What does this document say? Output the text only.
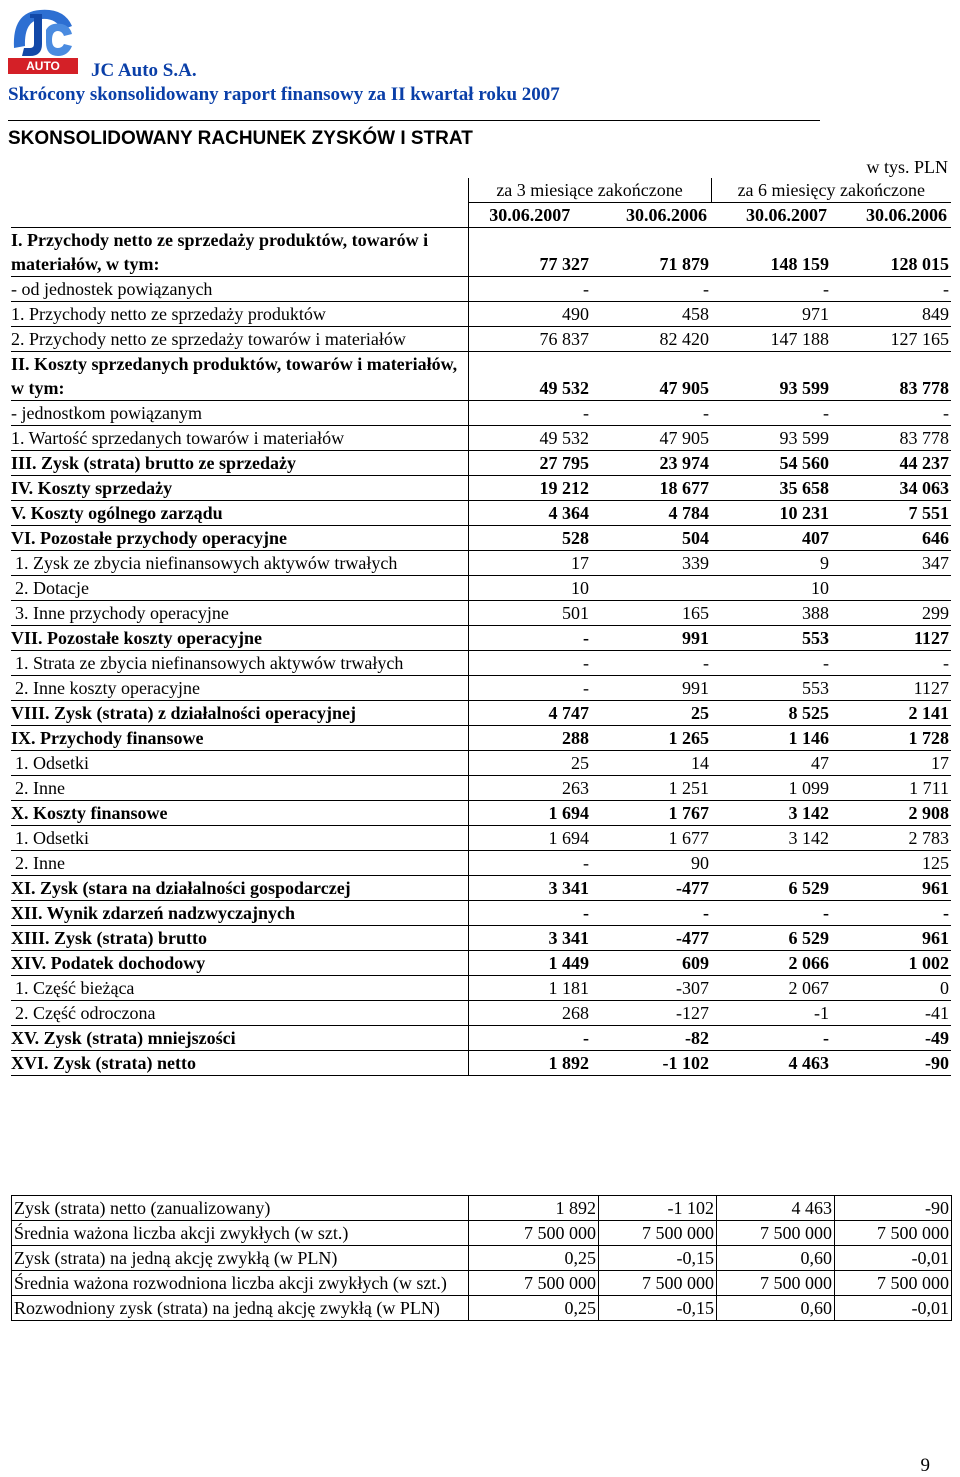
AUTO JC Auto S.A.
Skrócony skonsolidowany raport finansowy za II kwartał roku 2007
SKONSOLIDOWANY RACHUNEK ZYSKÓW I STRAT
w tys. PLN
	za 3 miesiące zakończone		za 6 miesięcy zakończone	
	30.06.2007	30.06.2006	30.06.2007	30.06.2006
I. Przychody netto ze sprzedaży produktów, towarów i materiałów, w tym:	77 327	71 879	148 159	128 015
- od jednostek powiązanych	-	-	-	-
1. Przychody netto ze sprzedaży produktów	490	458	971	849
2. Przychody netto ze sprzedaży towarów i materiałów	76 837	82 420	147 188	127 165
II. Koszty sprzedanych produktów, towarów i materiałów, w tym:	49 532	47 905	93 599	83 778
- jednostkom powiązanym	-	-	-	-
1. Wartość sprzedanych towarów i materiałów	49 532	47 905	93 599	83 778
III. Zysk (strata) brutto ze sprzedaży	27 795	23 974	54 560	44 237
IV. Koszty sprzedaży	19 212	18 677	35 658	34 063
V. Koszty ogólnego zarządu	4 364	4 784	10 231	7 551
VI. Pozostałe przychody operacyjne	528	504	407	646
1. Zysk ze zbycia niefinansowych aktywów trwałych	17	339	9	347
2. Dotacje	10		10	
3. Inne przychody operacyjne	501	165	388	299
VII. Pozostałe koszty operacyjne	-	991	553	1127
1. Strata ze zbycia niefinansowych aktywów trwałych	-	-	-	-
2. Inne koszty operacyjne	-	991	553	1127
VIII. Zysk (strata) z działalności operacyjnej	4 747	25	8 525	2 141
IX. Przychody finansowe	288	1 265	1 146	1 728
1. Odsetki	25	14	47	17
2. Inne	263	1 251	1 099	1 711
X. Koszty finansowe	1 694	1 767	3 142	2 908
1. Odsetki	1 694	1 677	3 142	2 783
2. Inne	-	90		125
XI. Zysk (stara na działalności gospodarczej	3 341	-477	6 529	961
XII. Wynik zdarzeń nadzwyczajnych	-	-	-	-
XIII. Zysk (strata) brutto	3 341	-477	6 529	961
XIV. Podatek dochodowy	1 449	609	2 066	1 002
1. Część bieżąca	1 181	-307	2 067	0
2. Część odroczona	268	-127	-1	-41
XV. Zysk (strata) mniejszości	-	-82	-	-49
XVI. Zysk (strata) netto	1 892	-1 102	4 463	-90
Zysk (strata) netto (zanualizowany)	1 892	-1 102	4 463	-90
Średnia ważona liczba akcji zwykłych (w szt.)	7 500 000	7 500 000	7 500 000	7 500 000
Zysk (strata) na jedną akcję zwykłą (w PLN)	0,25	-0,15	0,60	-0,01
Średnia ważona rozwodniona liczba akcji zwykłych (w szt.)	7 500 000	7 500 000	7 500 000	7 500 000
Rozwodniony zysk (strata) na jedną akcję zwykłą (w PLN)	0,25	-0,15	0,60	-0,01
9
